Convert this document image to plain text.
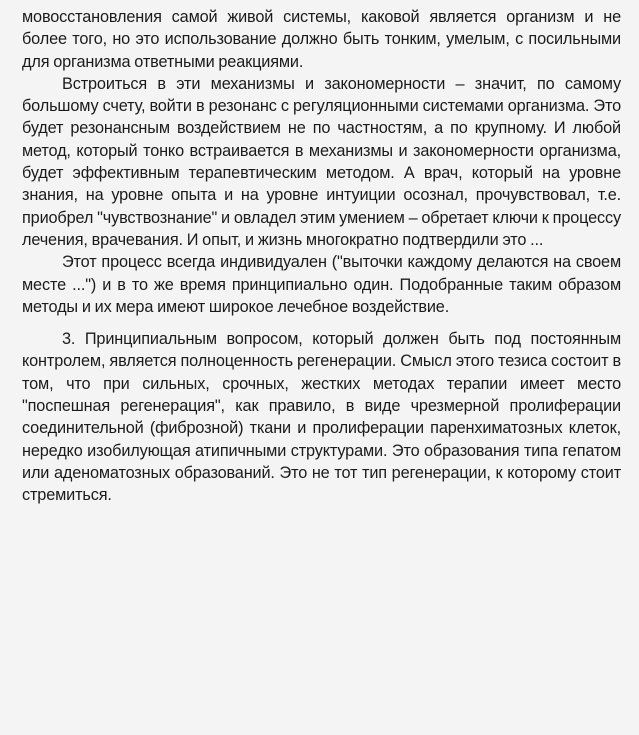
мовосстановления самой живой системы, каковой является организм и не более того, но это использование должно быть тонким, умелым, с посильными для организма ответными реакциями.

Встроиться в эти механизмы и закономерности – значит, по самому большому счету, войти в резонанс с регуляционными системами организма. Это будет резонансным воздействием не по частностям, а по крупному. И любой метод, который тонко встраивается в механизмы и закономерности организма, будет эффективным терапевтическим методом. А врач, который на уровне знания, на уровне опыта и на уровне интуиции осознал, прочувствовал, т.е. приобрел "чувствознание" и овладел этим умением – обретает ключи к процессу лечения, врачевания. И опыт, и жизнь многократно подтвердили это ...

Этот процесс всегда индивидуален ("выточки каждому делаются на своем месте ...") и в то же время принципиально один. Подобранные таким образом методы и их мера имеют широкое лечебное воздействие.

3. Принципиальным вопросом, который должен быть под постоянным контролем, является полноценность регенерации. Смысл этого тезиса состоит в том, что при сильных, срочных, жестких методах терапии имеет место "поспешная регенерация", как правило, в виде чрезмерной пролиферации соединительной (фиброзной) ткани и пролиферации паренхиматозных клеток, нередко изобилующая атипичными структурами. Это образования типа гепатом или аденоматозных образований. Это не тот тип регенерации, к которому стоит стремиться.
